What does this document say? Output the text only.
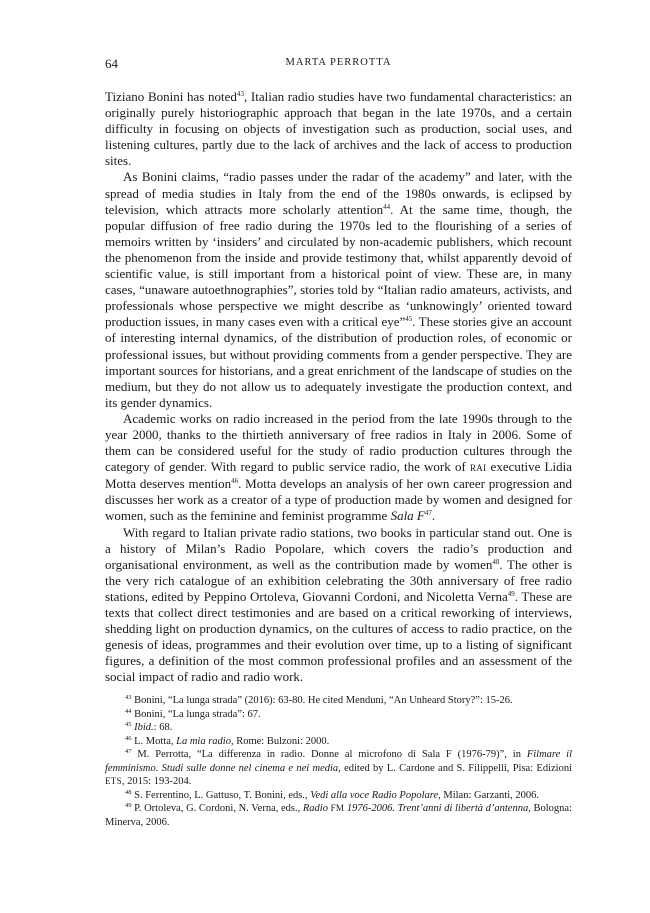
64	MARTA PERROTTA

Tiziano Bonini has noted$^{43}$, Italian radio studies have two fundamental characteristics: an originally purely historiographic approach that began in the late 1970s, and a certain difficulty in focusing on objects of investigation such as production, social uses, and listening cultures, partly due to the lack of archives and the lack of access to production sites.

As Bonini claims, “radio passes under the radar of the academy” and later, with the spread of media studies in Italy from the end of the 1980s onwards, is eclipsed by television, which attracts more scholarly attention$^{44}$. At the same time, though, the popular diffusion of free radio during the 1970s led to the flourishing of a series of memoirs written by ‘insiders’ and circulated by non-academic publishers, which recount the phenomenon from the inside and provide testimony that, whilst apparently devoid of scientific value, is still important from a historical point of view. These are, in many cases, “unaware autoethnographies”, stories told by “Italian radio amateurs, activists, and professionals whose perspective we might describe as ‘unknowingly’ oriented toward production issues, in many cases even with a critical eye”$^{45}$. These stories give an account of interesting internal dynamics, of the distribution of production roles, of economic or professional issues, but without providing comments from a gender perspective. They are important sources for historians, and a great enrichment of the landscape of studies on the medium, but they do not allow us to adequately investigate the production context, and its gender dynamics.

Academic works on radio increased in the period from the late 1990s through to the year 2000, thanks to the thirtieth anniversary of free radios in Italy in 2006. Some of them can be considered useful for the study of radio production cultures through the category of gender. With regard to public service radio, the work of RAI executive Lidia Motta deserves mention$^{46}$. Motta develops an analysis of her own career progression and discusses her work as a creator of a type of production made by women and designed for women, such as the feminine and feminist programme Sala $F^{47}$.

With regard to Italian private radio stations, two books in particular stand out. One is a history of Milan’s Radio Popolare, which covers the radio’s production and organisational environment, as well as the contribution made by women$^{48}$. The other is the very rich catalogue of an exhibition celebrating the 30th anniversary of free radio stations, edited by Peppino Ortoleva, Giovanni Cordoni, and Nicoletta Verna$^{49}$. These are texts that collect direct testimonies and are based on a critical reworking of interviews, shedding light on production dynamics, on the cultures of access to radio practice, on the genesis of ideas, programmes and their evolution over time, up to a listing of significant figures, a definition of the most common professional profiles and an assessment of the social impact of radio and radio work.

$^{43}$ Bonini, “La lunga strada” (2016): 63-80. He cited Menduni, “An Unheard Story?”: 15-26.

$^{44}$ Bonini, “La lunga strada”: 67.

$^{45}$ Ibid.: 68.

$^{46}$ L. Motta, La mia radio, Rome: Bulzoni: 2000.

$^{47}$ M. Perrotta, “La differenza in radio. Donne al microfono di Sala F (1976-79)”, in Filmare il femminismo. Studi sulle donne nel cinema e nei media, edited by L. Cardone and S. Filippelli, Pisa: Edizioni ETS, 2015: 193-204.

$^{48}$ S. Ferrentino, L. Gattuso, T. Bonini, eds., Vedi alla voce Radio Popolare, Milan: Garzanti, 2006.

$^{49}$ P. Ortoleva, G. Cordoni, N. Verna, eds., Radio FM 1976-2006. Trent’anni di libertà d’antenna, Bologna: Minerva, 2006.
